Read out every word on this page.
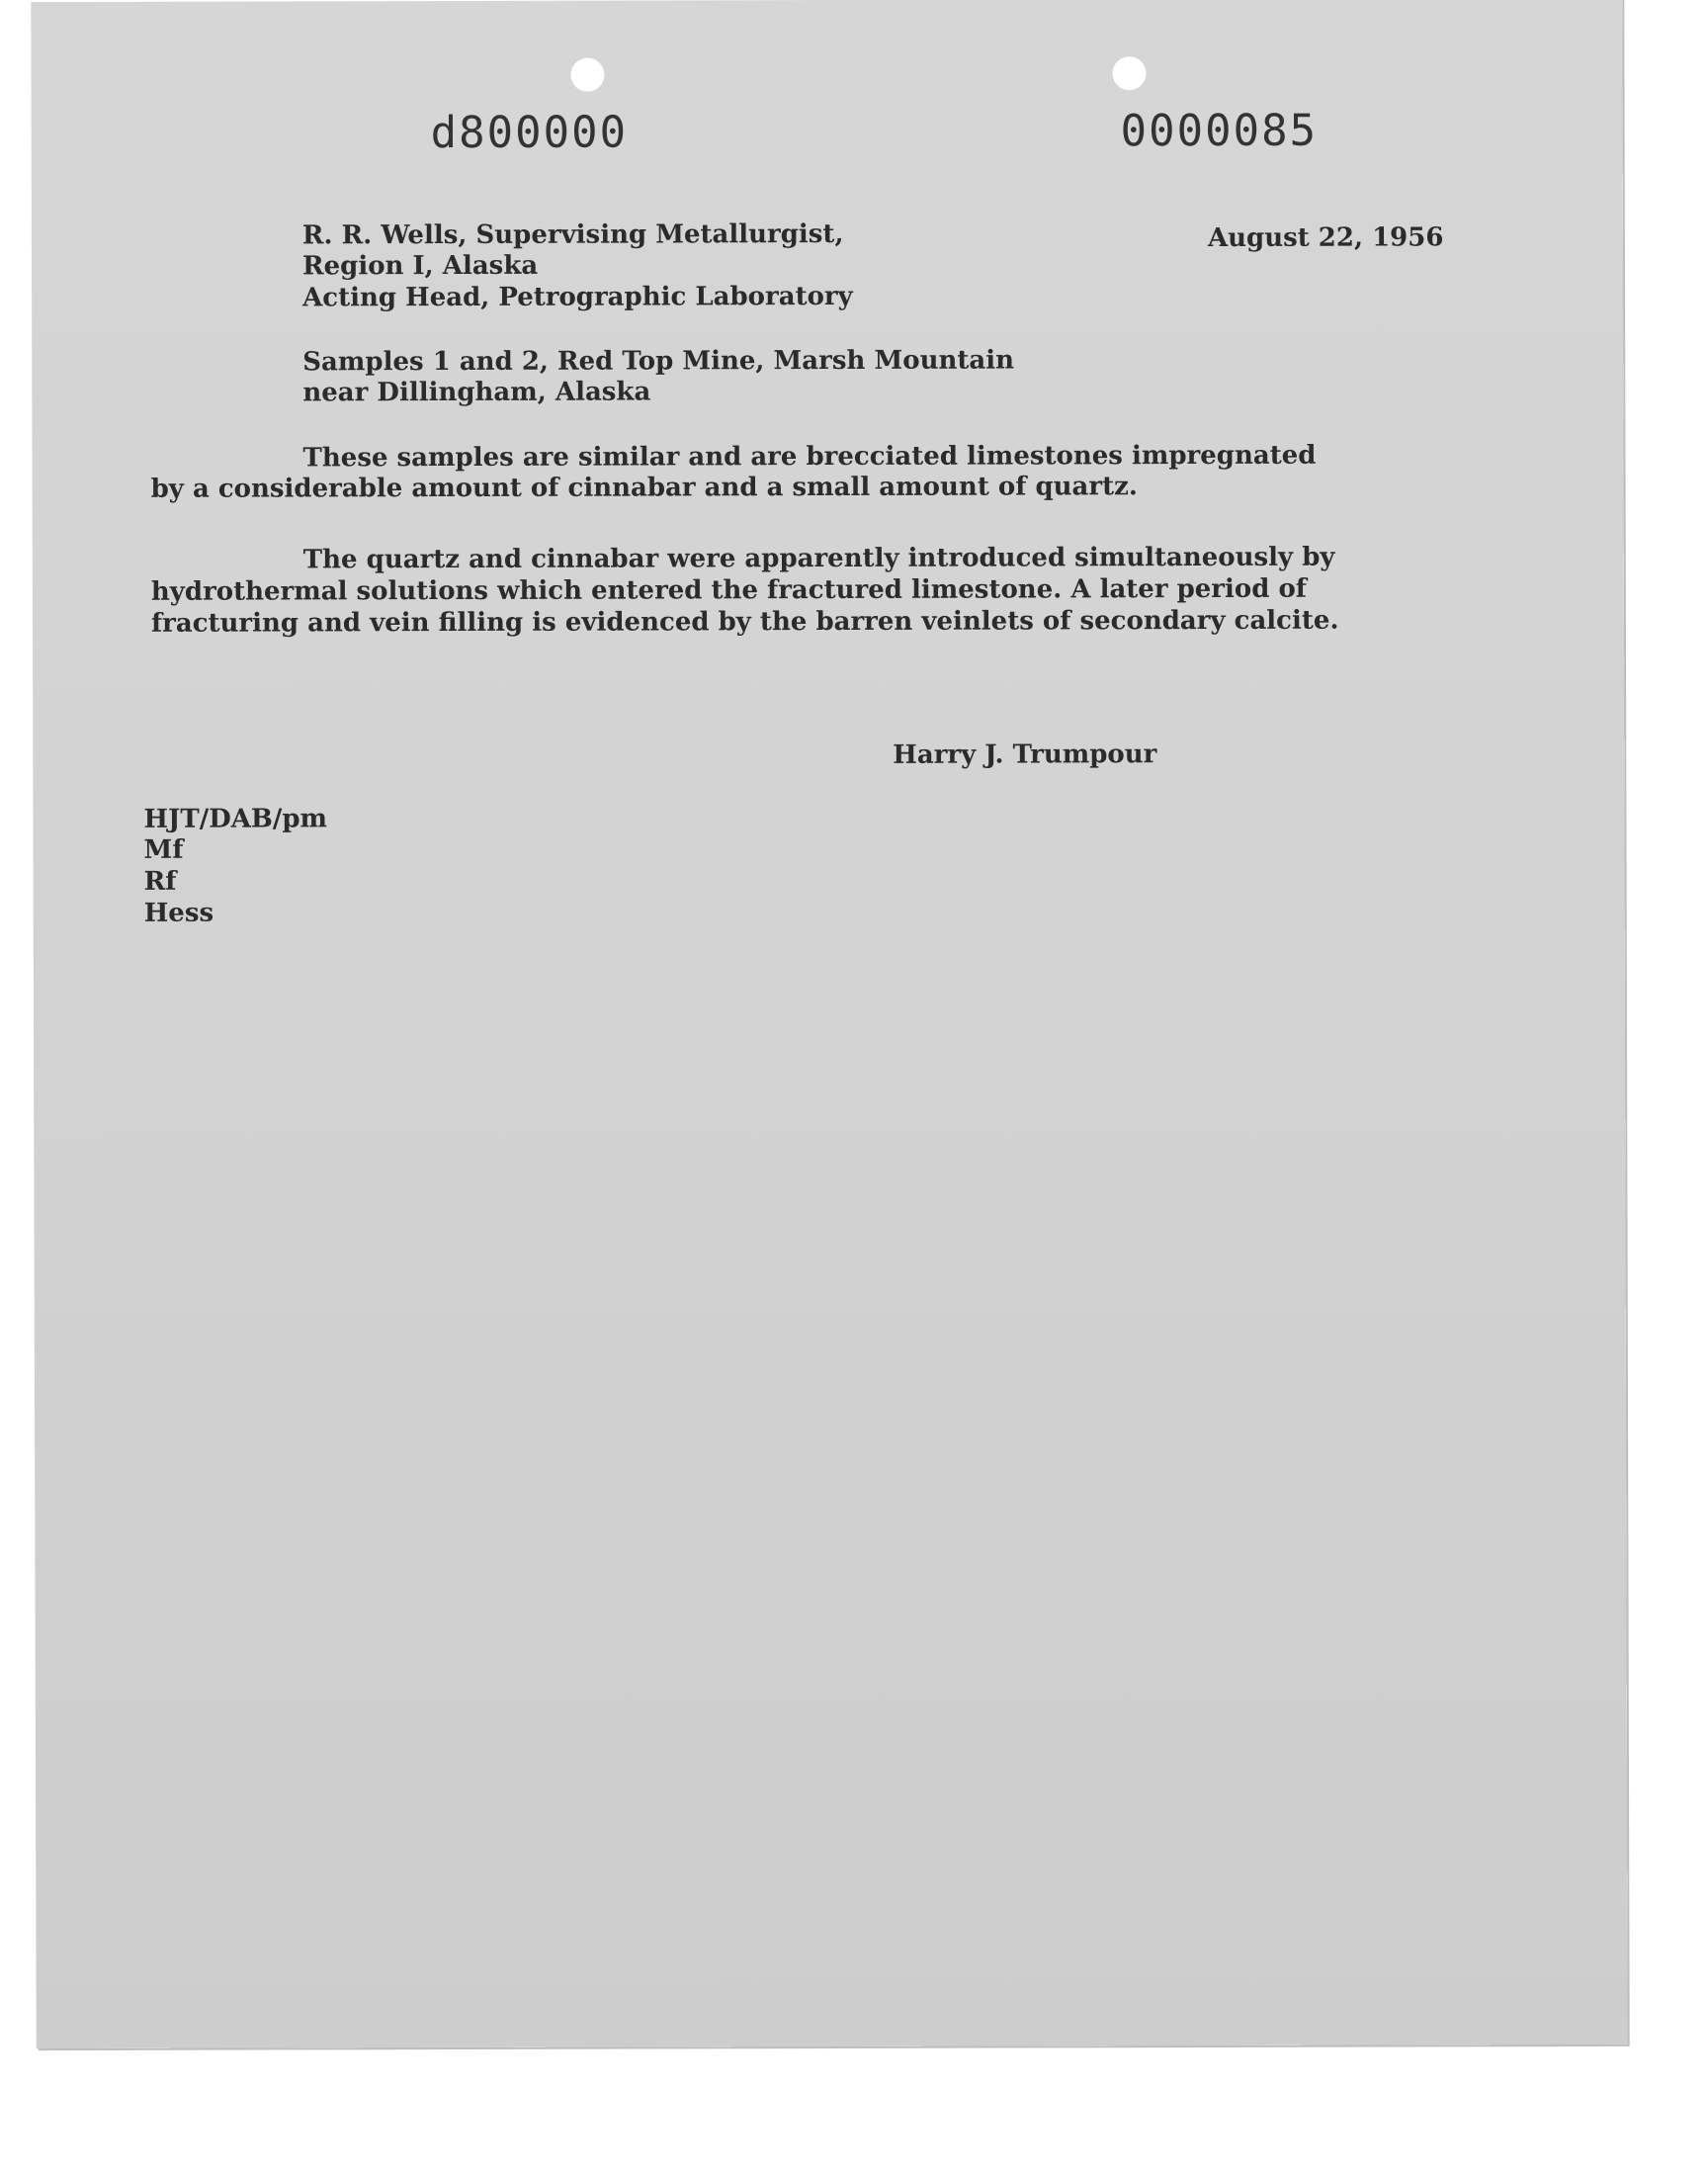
d800000	0000085
R. R. Wells, Supervising Metallurgist,
Region I, Alaska
Acting Head, Petrographic Laboratory
August 22, 1956
Samples 1 and 2, Red Top Mine, Marsh Mountain
near Dillingham, Alaska
These samples are similar and are brecciated limestones impregnated
by a considerable amount of cinnabar and a small amount of quartz.
The quartz and cinnabar were apparently introduced simultaneously by
hydrothermal solutions which entered the fractured limestone. A later period of
fracturing and vein filling is evidenced by the barren veinlets of secondary calcite.
Harry J. Trumpour
HJT/DAB/pm
Mf
Rf
Hess
